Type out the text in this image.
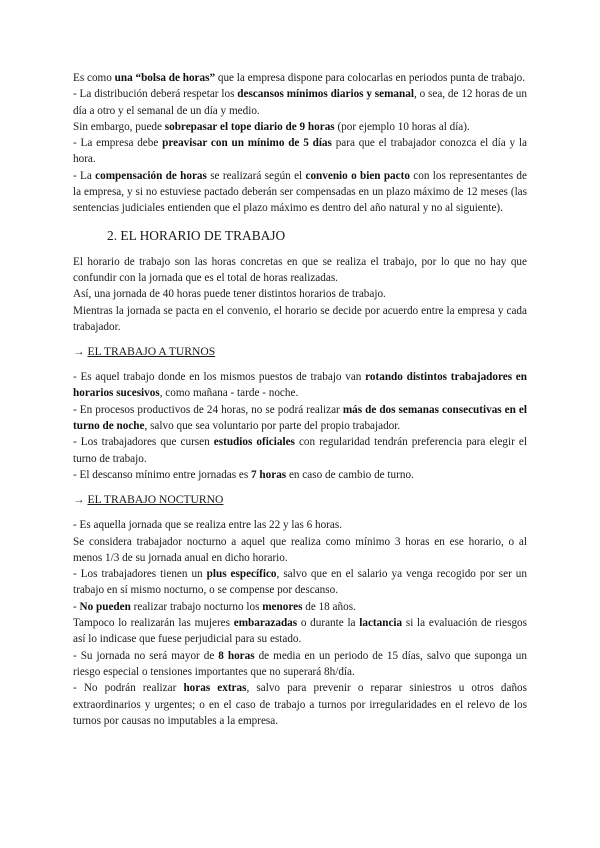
Es como una “bolsa de horas” que la empresa dispone para colocarlas en periodos punta de trabajo.

- La distribución deberá respetar los descansos mínimos diarios y semanal, o sea, de 12 horas de un día a otro y el semanal de un día y medio.

Sin embargo, puede sobrepasar el tope diario de 9 horas (por ejemplo 10 horas al día).

- La empresa debe preavisar con un mínimo de 5 días para que el trabajador conozca el día y la hora.

- La compensación de horas se realizará según el convenio o bien pacto con los representantes de la empresa, y si no estuviese pactado deberán ser compensadas en un plazo máximo de 12 meses (las sentencias judiciales entienden que el plazo máximo es dentro del año natural y no al siguiente).

2. EL HORARIO DE TRABAJO

El horario de trabajo son las horas concretas en que se realiza el trabajo, por lo que no hay que confundir con la jornada que es el total de horas realizadas.

Así, una jornada de 40 horas puede tener distintos horarios de trabajo.

Mientras la jornada se pacta en el convenio, el horario se decide por acuerdo entre la empresa y cada trabajador.

→ EL TRABAJO A TURNOS

- Es aquel trabajo donde en los mismos puestos de trabajo van rotando distintos trabajadores en horarios sucesivos, como mañana - tarde - noche.

- En procesos productivos de 24 horas, no se podrá realizar más de dos semanas consecutivas en el turno de noche, salvo que sea voluntario por parte del propio trabajador.

- Los trabajadores que cursen estudios oficiales con regularidad tendrán preferencia para elegir el turno de trabajo.

- El descanso mínimo entre jornadas es 7 horas en caso de cambio de turno.

→ EL TRABAJO NOCTURNO

- Es aquella jornada que se realiza entre las 22 y las 6 horas.

Se considera trabajador nocturno a aquel que realiza como mínimo 3 horas en ese horario, o al menos 1/3 de su jornada anual en dicho horario.

- Los trabajadores tienen un plus específico, salvo que en el salario ya venga recogido por ser un trabajo en sí mismo nocturno, o se compense por descanso.

- No pueden realizar trabajo nocturno los menores de 18 años.

Tampoco lo realizarán las mujeres embarazadas o durante la lactancia si la evaluación de riesgos así lo indicase que fuese perjudicial para su estado.

- Su jornada no será mayor de 8 horas de media en un periodo de 15 días, salvo que suponga un riesgo especial o tensiones importantes que no superará 8h/día.

- No podrán realizar horas extras, salvo para prevenir o reparar siniestros u otros daños extraordinarios y urgentes; o en el caso de trabajo a turnos por irregularidades en el relevo de los turnos por causas no imputables a la empresa.
